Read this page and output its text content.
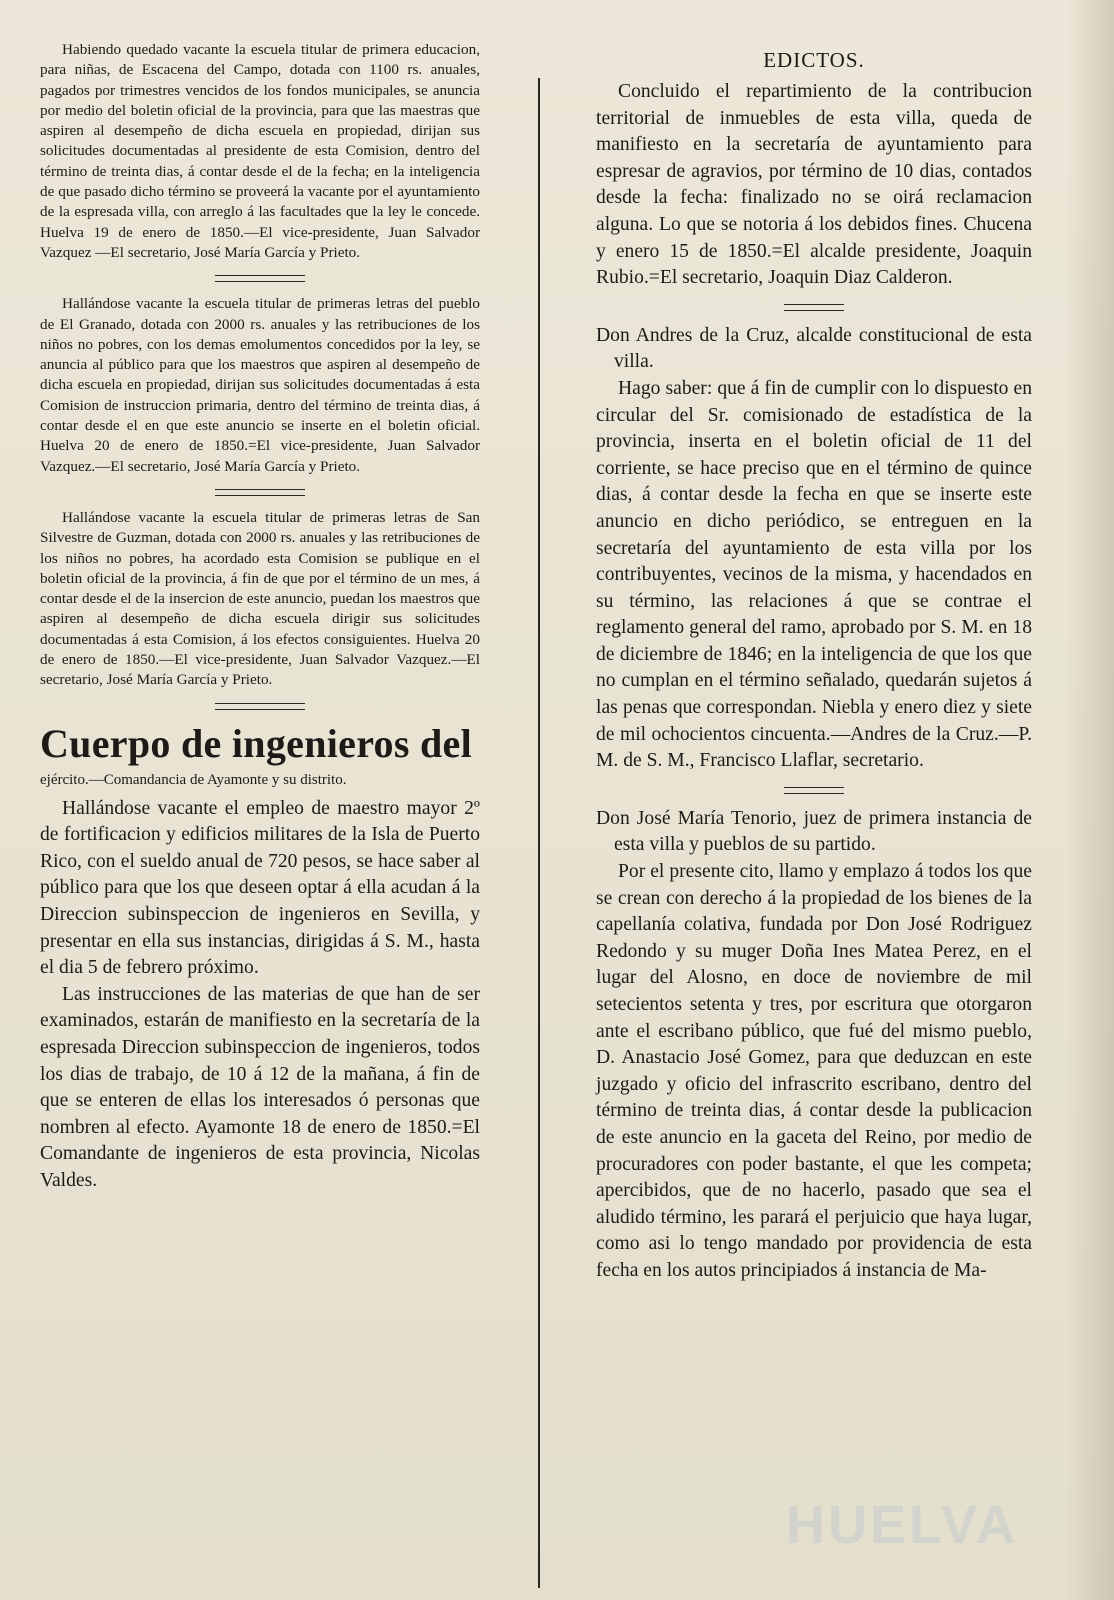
Habiendo quedado vacante la escuela titular de primera educacion, para niñas, de Escacena del Campo, dotada con 1100 rs. anuales, pagados por trimestres vencidos de los fondos municipales, se anuncia por medio del boletin oficial de la provincia, para que las maestras que aspiren al desempeño de dicha escuela en propiedad, dirijan sus solicitudes documentadas al presidente de esta Comision, dentro del término de treinta dias, á contar desde el de la fecha; en la inteligencia de que pasado dicho término se proveerá la vacante por el ayuntamiento de la espresada villa, con arreglo á las facultades que la ley le concede. Huelva 19 de enero de 1850.—El vice-presidente, Juan Salvador Vazquez —El secretario, José María García y Prieto.

Hallándose vacante la escuela titular de primeras letras del pueblo de El Granado, dotada con 2000 rs. anuales y las retribuciones de los niños no pobres, con los demas emolumentos concedidos por la ley, se anuncia al público para que los maestros que aspiren al desempeño de dicha escuela en propiedad, dirijan sus solicitudes documentadas á esta Comision de instruccion primaria, dentro del término de treinta dias, á contar desde el en que este anuncio se inserte en el boletin oficial. Huelva 20 de enero de 1850.=El vice-presidente, Juan Salvador Vazquez.—El secretario, José María García y Prieto.

Hallándose vacante la escuela titular de primeras letras de San Silvestre de Guzman, dotada con 2000 rs. anuales y las retribuciones de los niños no pobres, ha acordado esta Comision se publique en el boletin oficial de la provincia, á fin de que por el término de un mes, á contar desde el de la insercion de este anuncio, puedan los maestros que aspiren al desempeño de dicha escuela dirigir sus solicitudes documentadas á esta Comision, á los efectos consiguientes. Huelva 20 de enero de 1850.—El vice-presidente, Juan Salvador Vazquez.—El secretario, José María García y Prieto.

Cuerpo de ingenieros del

ejército.—Comandancia de Ayamonte y su distrito.

Hallándose vacante el empleo de maestro mayor 2º de fortificacion y edificios militares de la Isla de Puerto Rico, con el sueldo anual de 720 pesos, se hace saber al público para que los que deseen optar á ella acudan á la Direccion subinspeccion de ingenieros en Sevilla, y presentar en ella sus instancias, dirigidas á S. M., hasta el dia 5 de febrero próximo.

Las instrucciones de las materias de que han de ser examinados, estarán de manifiesto en la secretaría de la espresada Direccion subinspeccion de ingenieros, todos los dias de trabajo, de 10 á 12 de la mañana, á fin de que se enteren de ellas los interesados ó personas que nombren al efecto. Ayamonte 18 de enero de 1850.=El Comandante de ingenieros de esta provincia, Nicolas Valdes.

EDICTOS.

Concluido el repartimiento de la contribucion territorial de inmuebles de esta villa, queda de manifiesto en la secretaría de ayuntamiento para espresar de agravios, por término de 10 dias, contados desde la fecha: finalizado no se oirá reclamacion alguna. Lo que se notoria á los debidos fines. Chucena y enero 15 de 1850.=El alcalde presidente, Joaquin Rubio.=El secretario, Joaquin Diaz Calderon.

Don Andres de la Cruz, alcalde constitucional de esta villa.

Hago saber: que á fin de cumplir con lo dispuesto en circular del Sr. comisionado de estadística de la provincia, inserta en el boletin oficial de 11 del corriente, se hace preciso que en el término de quince dias, á contar desde la fecha en que se inserte este anuncio en dicho periódico, se entreguen en la secretaría del ayuntamiento de esta villa por los contribuyentes, vecinos de la misma, y hacendados en su término, las relaciones á que se contrae el reglamento general del ramo, aprobado por S. M. en 18 de diciembre de 1846; en la inteligencia de que los que no cumplan en el término señalado, quedarán sujetos á las penas que correspondan. Niebla y enero diez y siete de mil ochocientos cincuenta.—Andres de la Cruz.—P. M. de S. M., Francisco Llaflar, secretario.

Don José María Tenorio, juez de primera instancia de esta villa y pueblos de su partido.

Por el presente cito, llamo y emplazo á todos los que se crean con derecho á la propiedad de los bienes de la capellanía colativa, fundada por Don José Rodriguez Redondo y su muger Doña Ines Matea Perez, en el lugar del Alosno, en doce de noviembre de mil setecientos setenta y tres, por escritura que otorgaron ante el escribano público, que fué del mismo pueblo, D. Anastacio José Gomez, para que deduzcan en este juzgado y oficio del infrascrito escribano, dentro del término de treinta dias, á contar desde la publicacion de este anuncio en la gaceta del Reino, por medio de procuradores con poder bastante, el que les competa; apercibidos, que de no hacerlo, pasado que sea el aludido término, les parará el perjuicio que haya lugar, como asi lo tengo mandado por providencia de esta fecha en los autos principiados á instancia de Ma-

HUELVA
